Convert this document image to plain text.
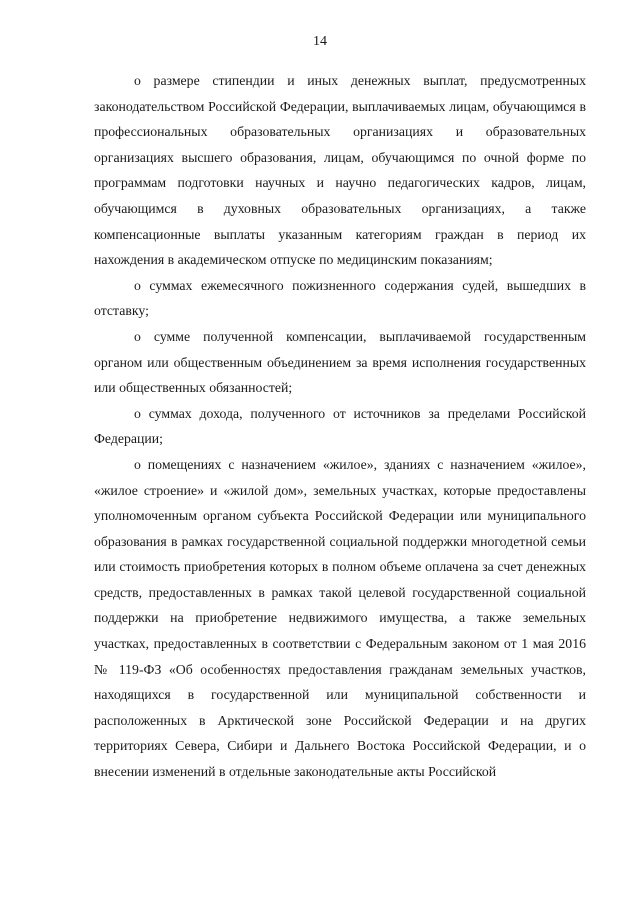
14

о размере стипендии и иных денежных выплат, предусмотренных законодательством Российской Федерации, выплачиваемых лицам, обучающимся в профессиональных образовательных организациях и образовательных организациях высшего образования, лицам, обучающимся по очной форме по программам подготовки научных и научно педагогических кадров, лицам, обучающимся в духовных образовательных организациях, а также компенсационные выплаты указанным категориям граждан в период их нахождения в академическом отпуске по медицинским показаниям;

о суммах ежемесячного пожизненного содержания судей, вышедших в отставку;

о сумме полученной компенсации, выплачиваемой государственным органом или общественным объединением за время исполнения государственных или общественных обязанностей;

о суммах дохода, полученного от источников за пределами Российской Федерации;

о помещениях с назначением «жилое», зданиях с назначением «жилое», «жилое строение» и «жилой дом», земельных участках, которые предоставлены уполномоченным органом субъекта Российской Федерации или муниципального образования в рамках государственной социальной поддержки многодетной семьи или стоимость приобретения которых в полном объеме оплачена за счет денежных средств, предоставленных в рамках такой целевой государственной социальной поддержки на приобретение недвижимого имущества, а также земельных участках, предоставленных в соответствии с Федеральным законом от 1 мая 2016 № 119-ФЗ «Об особенностях предоставления гражданам земельных участков, находящихся в государственной или муниципальной собственности и расположенных в Арктической зоне Российской Федерации и на других территориях Севера, Сибири и Дальнего Востока Российской Федерации, и о внесении изменений в отдельные законодательные акты Российской
